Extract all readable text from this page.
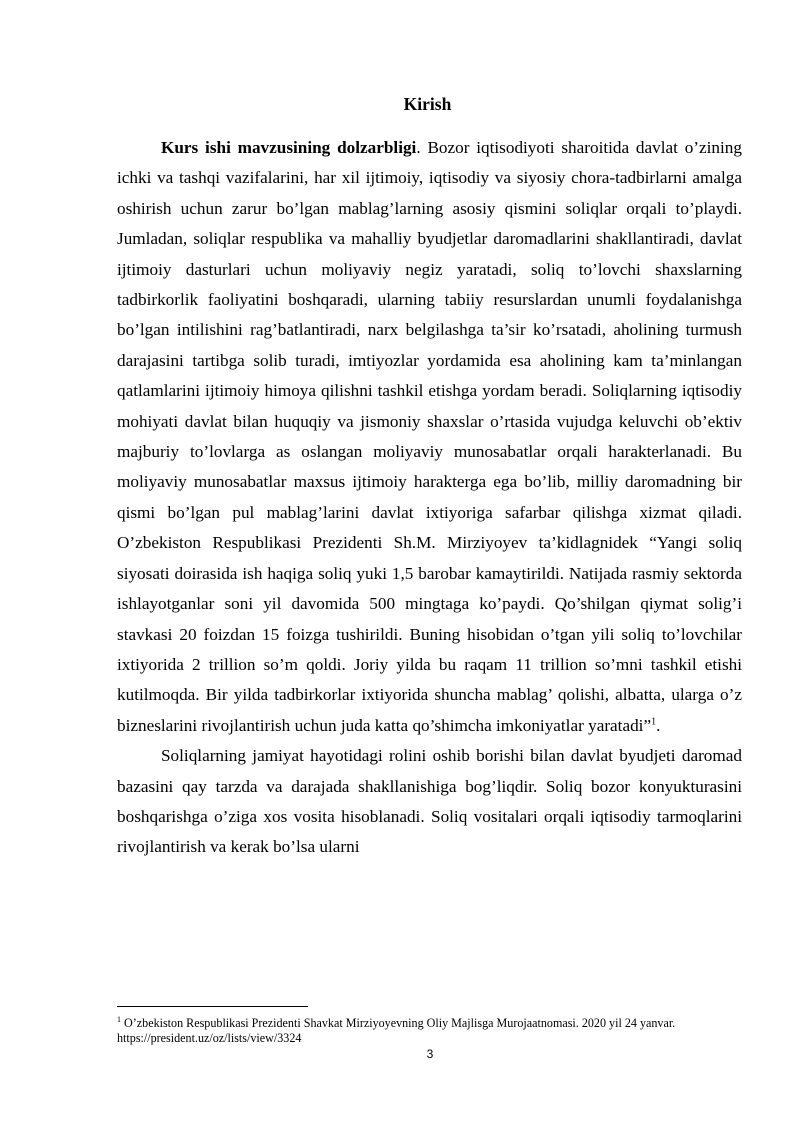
Kirish

Kurs ishi mavzusining dolzarbligi. Bozor iqtisodiyoti sharoitida davlat o’zining ichki va tashqi vazifalarini, har xil ijtimoiy, iqtisodiy va siyosiy chora-tadbirlarni amalga oshirish uchun zarur bo’lgan mablag’larning asosiy qismini soliqlar orqali to’playdi. Jumladan, soliqlar respublika va mahalliy byudjetlar daromadlarini shakllantiradi, davlat ijtimoiy dasturlari uchun moliyaviy negiz yaratadi, soliq to’lovchi shaxslarning tadbirkorlik faoliyatini boshqaradi, ularning tabiiy resurslardan unumli foydalanishga bo’lgan intilishini rag’batlantiradi, narx belgilashga ta’sir ko’rsatadi, aholining turmush darajasini tartibga solib turadi, imtiyozlar yordamida esa aholining kam ta’minlangan qatlamlarini ijtimoiy himoya qilishni tashkil etishga yordam beradi. Soliqlarning iqtisodiy mohiyati davlat bilan huquqiy va jismoniy shaxslar o’rtasida vujudga keluvchi ob’ektiv majburiy to’lovlarga as oslangan moliyaviy munosabatlar orqali harakterlanadi. Bu moliyaviy munosabatlar maxsus ijtimoiy harakterga ega bo’lib, milliy daromadning bir qismi bo’lgan pul mablag’larini davlat ixtiyoriga safarbar qilishga xizmat qiladi. O’zbekiston Respublikasi Prezidenti Sh.M. Mirziyoyev ta’kidlagnidek “Yangi soliq siyosati doirasida ish haqiga soliq yuki 1,5 barobar kamaytirildi. Natijada rasmiy sektorda ishlayotganlar soni yil davomida 500 mingtaga ko’paydi. Qo’shilgan qiymat solig’i stavkasi 20 foizdan 15 foizga tushirildi. Buning hisobidan o’tgan yili soliq to’lovchilar ixtiyorida 2 trillion so’m qoldi. Joriy yilda bu raqam 11 trillion so’mni tashkil etishi kutilmoqda. Bir yilda tadbirkorlar ixtiyorida shuncha mablag’ qolishi, albatta, ularga o’z bizneslarini rivojlantirish uchun juda katta qo’shimcha imkoniyatlar yaratadi”$^1$.

Soliqlarning jamiyat hayotidagi rolini oshib borishi bilan davlat byudjeti daromad bazasini qay tarzda va darajada shakllanishiga bog’liqdir. Soliq bozor konyukturasini boshqarishga o’ziga xos vosita hisoblanadi. Soliq vositalari orqali iqtisodiy tarmoqlarini rivojlantirish va kerak bo’lsa ularni

$^1$ O’zbekiston Respublikasi Prezidenti Shavkat Mirziyoyevning Oliy Majlisga Murojaatnomasi. 2020 yil 24 yanvar.
https://president.uz/oz/lists/view/3324
3
